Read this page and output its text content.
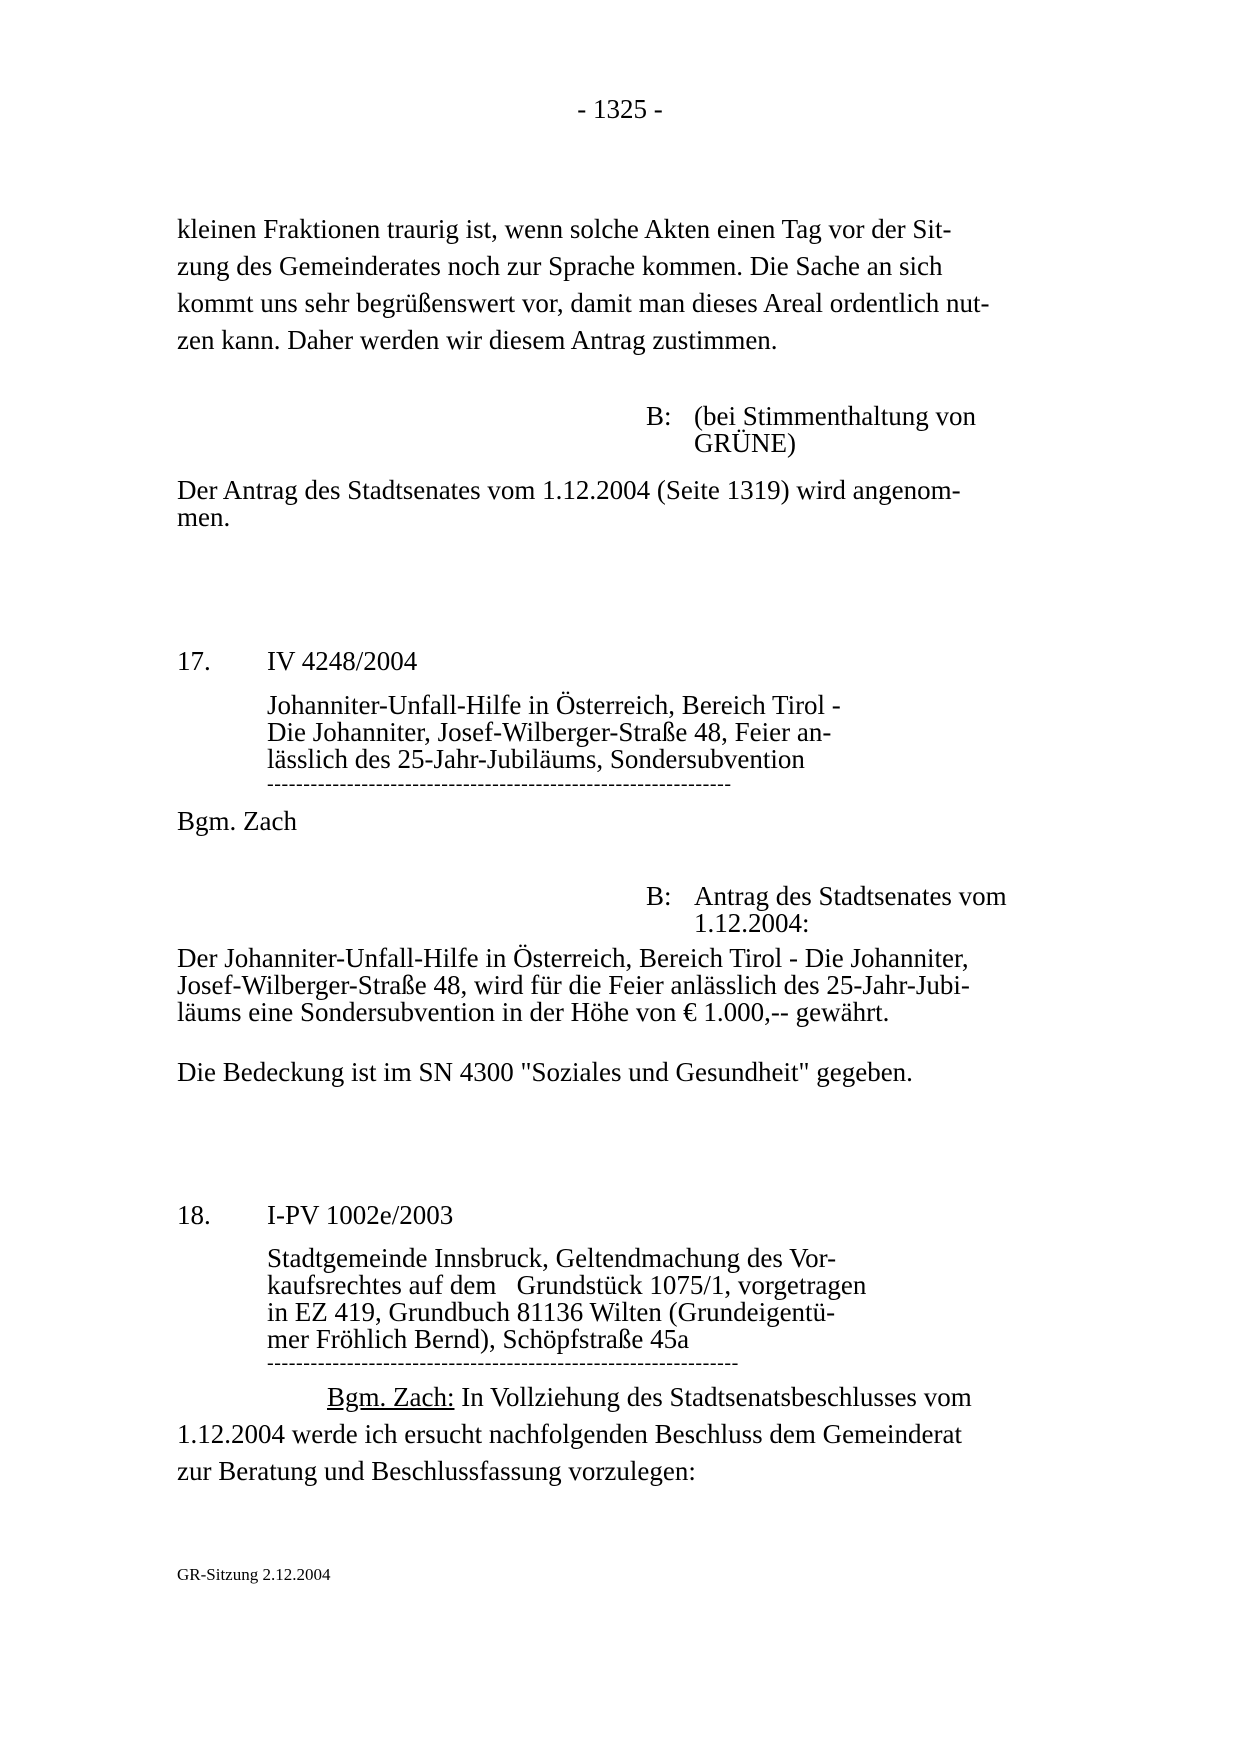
- 1325 -
kleinen Fraktionen traurig ist, wenn solche Akten einen Tag vor der Sit-
zung des Gemeinderates noch zur Sprache kommen. Die Sache an sich
kommt uns sehr begrüßenswert vor, damit man dieses Areal ordentlich nut-
zen kann. Daher werden wir diesem Antrag zustimmen.
B: (bei Stimmenthaltung von
GRÜNE)
Der Antrag des Stadtsenates vom 1.12.2004 (Seite 1319) wird angenom-
men.
17. IV 4248/2004
Johanniter-Unfall-Hilfe in Österreich, Bereich Tirol -
Die Johanniter, Josef-Wilberger-Straße 48, Feier an-
lässlich des 25-Jahr-Jubiläums, Sondersubvention
----------------------------------------------------------------
Bgm. Zach
B: Antrag des Stadtsenates vom
1.12.2004:
Der Johanniter-Unfall-Hilfe in Österreich, Bereich Tirol - Die Johanniter,
Josef-Wilberger-Straße 48, wird für die Feier anlässlich des 25-Jahr-Jubi-
läums eine Sondersubvention in der Höhe von € 1.000,-- gewährt.
Die Bedeckung ist im SN 4300 "Soziales und Gesundheit" gegeben.
18. I-PV 1002e/2003
Stadtgemeinde Innsbruck, Geltendmachung des Vor-
kaufsrechtes auf dem   Grundstück 1075/1, vorgetragen
in EZ 419, Grundbuch 81136 Wilten (Grundeigentü-
mer Fröhlich Bernd), Schöpfstraße 45a
-----------------------------------------------------------------
Bgm. Zach: In Vollziehung des Stadtsenatsbeschlusses vom
1.12.2004 werde ich ersucht nachfolgenden Beschluss dem Gemeinderat
zur Beratung und Beschlussfassung vorzulegen:
GR-Sitzung 2.12.2004
